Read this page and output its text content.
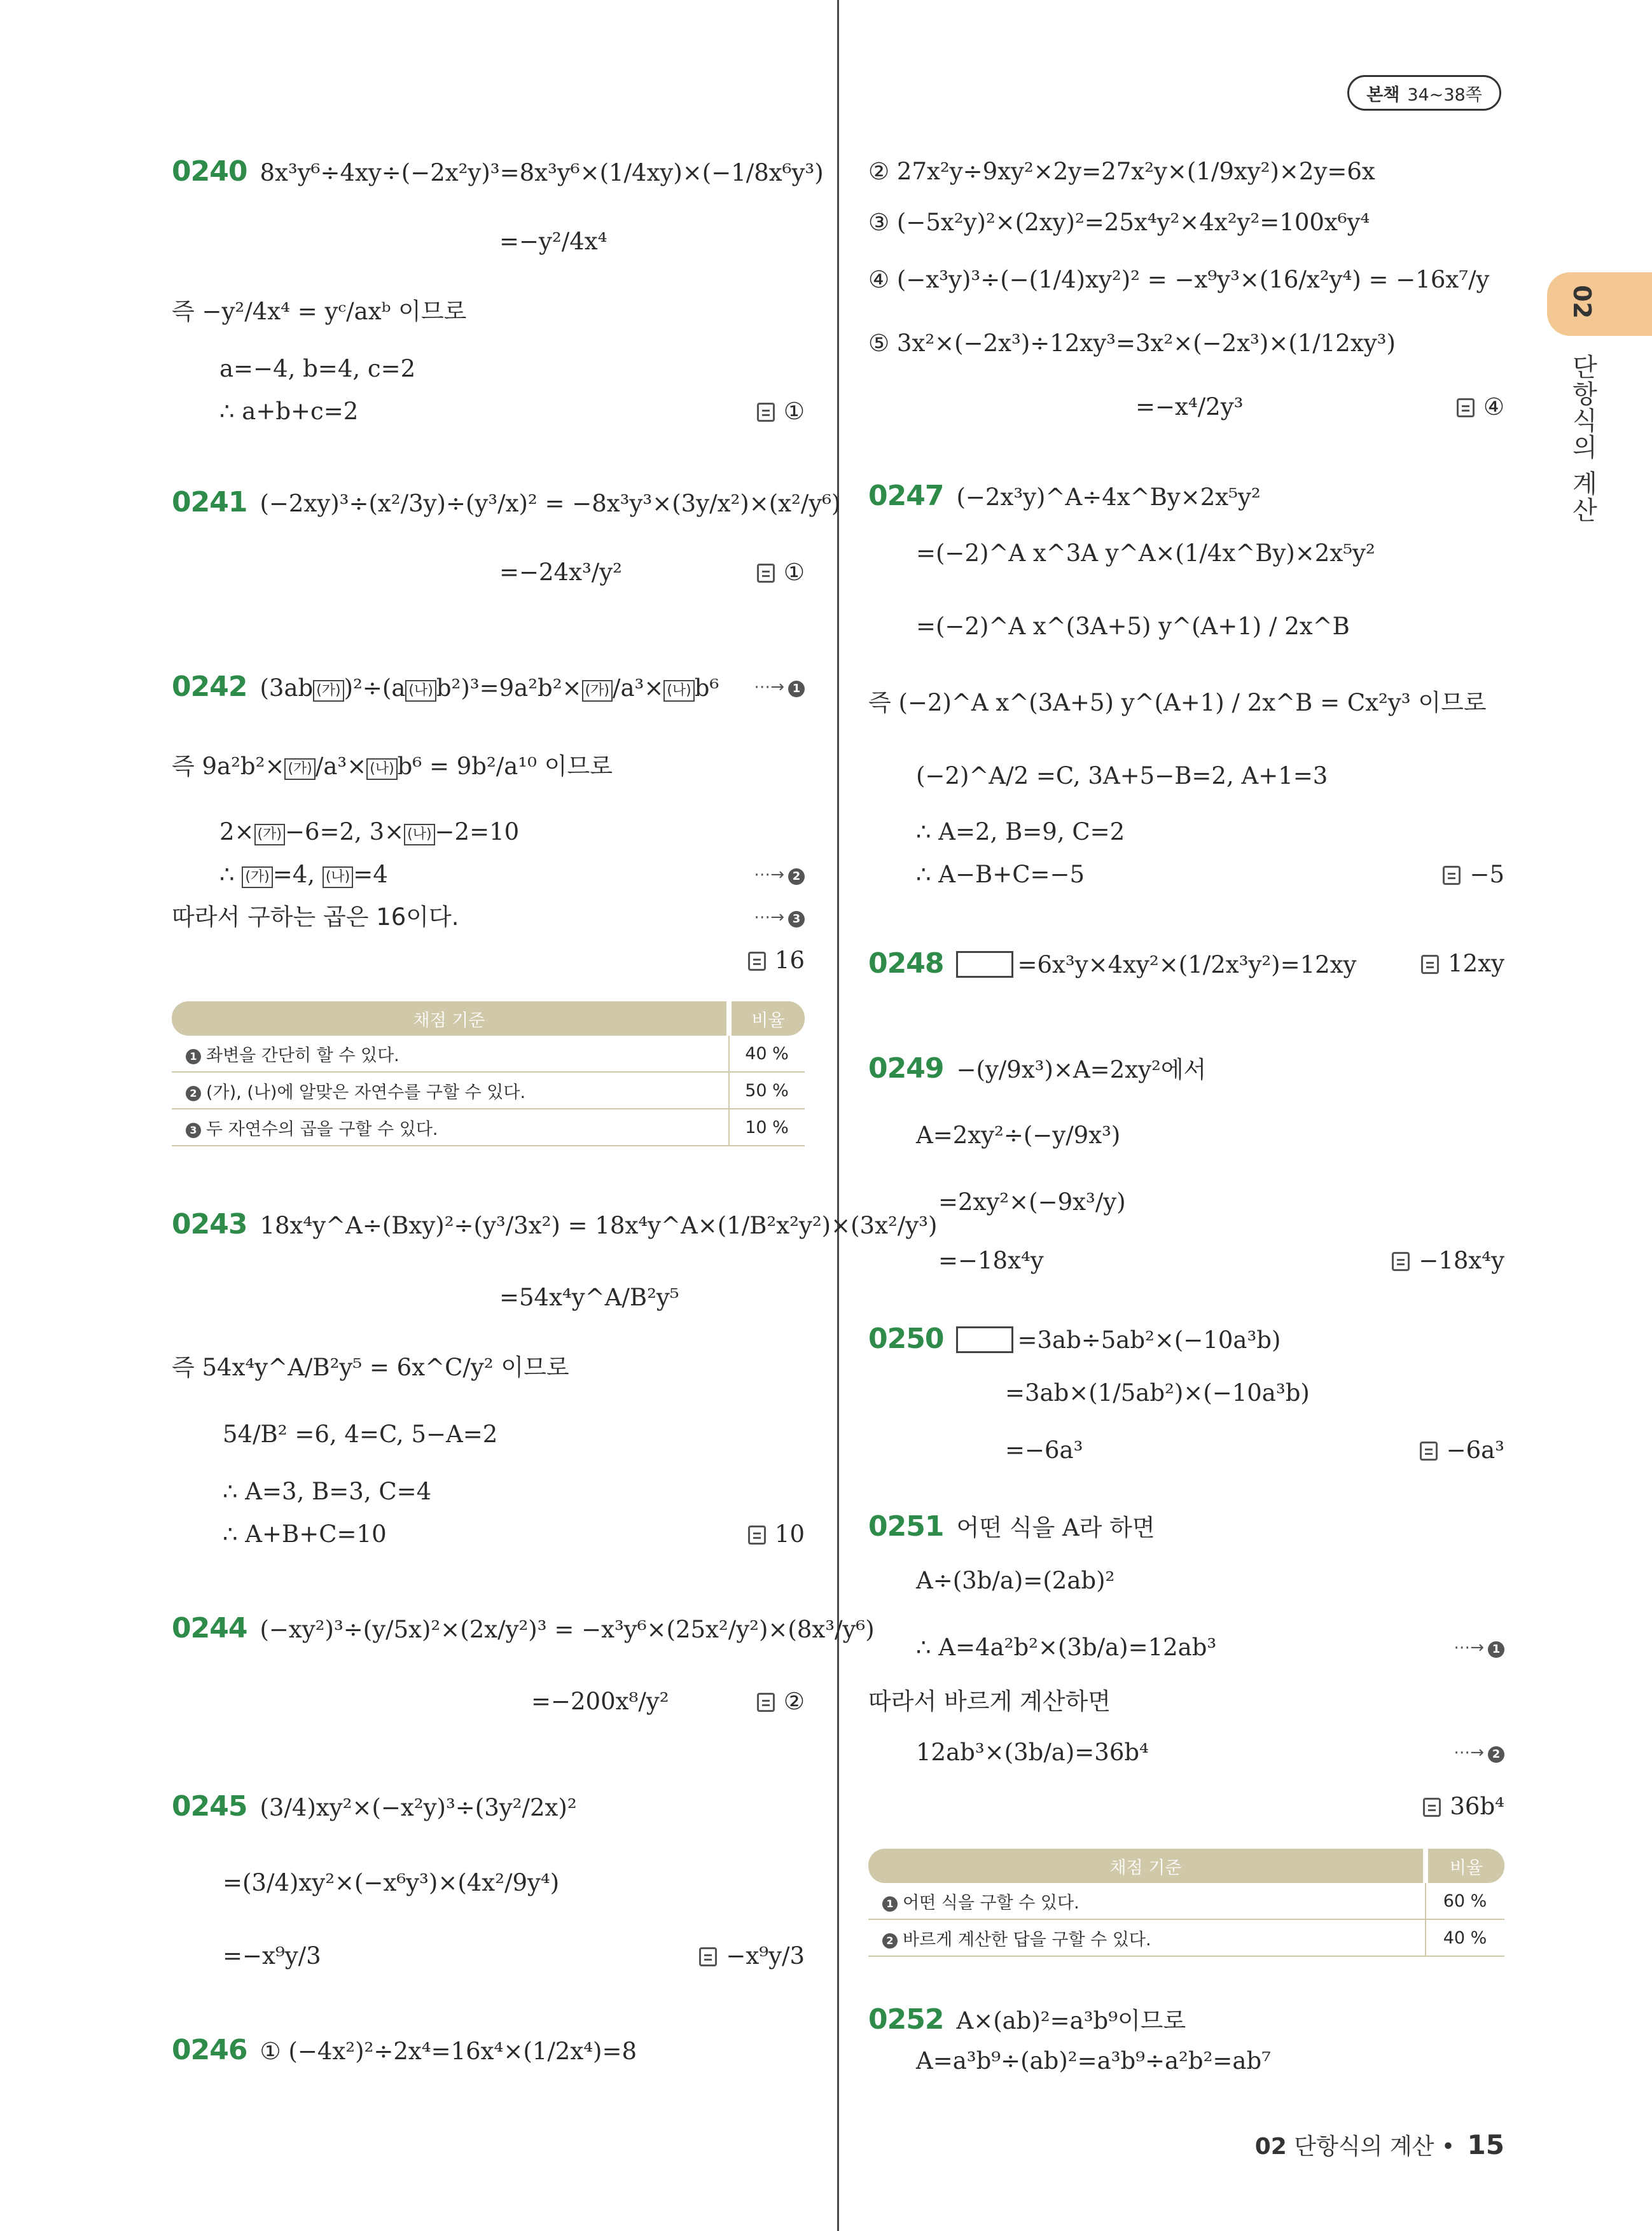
본책 34~38쪽
02
단항식의 계산
0240 8x³y⁶÷4xy÷(−2x²y)³=8x³y⁶×(1/4xy)×(−1/8x⁶y³)
=−y²/4x⁴
즉 −y²/4x⁴ = yᶜ/axᵇ 이므로
a=−4, b=4, c=2
∴ a+b+c=2	①
0241 (−2xy)³÷(x²/3y)÷(y³/x)² = −8x³y³×(3y/x²)×(x²/y⁶)
=−24x³/y²	①
0242 (3ab (가) )²÷(a (나) b²)³=9a²b²× (가) /a³× (나) b⁶ ⋯→ 1
즉 9a²b²× (가) /a³× (나) b⁶ = 9b²/a¹⁰ 이므로
2× (가) −6=2, 3× (나) −2=10
∴ (가) =4, (나) =4	⋯→ 2
따라서 구하는 곱은 16이다.	⋯→ 3
16
채점 기준	비율
1 좌변을 간단히 할 수 있다.	40 %
2 (가), (나)에 알맞은 자연수를 구할 수 있다.	50 %
3 두 자연수의 곱을 구할 수 있다.	10 %
0243 18x⁴y^A÷(Bxy)²÷(y³/3x²) = 18x⁴y^A×(1/B²x²y²)×(3x²/y³)
=54x⁴y^A/B²y⁵
즉 54x⁴y^A/B²y⁵ = 6x^C/y² 이므로
54/B² =6, 4=C, 5−A=2
∴ A=3, B=3, C=4
∴ A+B+C=10	10
0244 (−xy²)³÷(y/5x)²×(2x/y²)³ = −x³y⁶×(25x²/y²)×(8x³/y⁶)
=−200x⁸/y²	②
0245 (3/4)xy²×(−x²y)³÷(3y²/2x)²
=(3/4)xy²×(−x⁶y³)×(4x²/9y⁴)
=−x⁹y/3	−x⁹y/3
0246 ① (−4x²)²÷2x⁴=16x⁴×(1/2x⁴)=8
② 27x²y÷9xy²×2y=27x²y×(1/9xy²)×2y=6x
③ (−5x²y)²×(2xy)²=25x⁴y²×4x²y²=100x⁶y⁴
④ (−x³y)³÷(−(1/4)xy²)² = −x⁹y³×(16/x²y⁴) = −16x⁷/y
⑤ 3x²×(−2x³)÷12xy³=3x²×(−2x³)×(1/12xy³)
=−x⁴/2y³	④
0247 (−2x³y)^A÷4x^By×2x⁵y²
=(−2)^A x^3A y^A×(1/4x^By)×2x⁵y²
=(−2)^A x^(3A+5) y^(A+1) / 2x^B
즉 (−2)^A x^(3A+5) y^(A+1) / 2x^B = Cx²y³ 이므로
(−2)^A/2 =C, 3A+5−B=2, A+1=3
∴ A=2, B=9, C=2
∴ A−B+C=−5	−5
0248	=6x³y×4xy²×(1/2x³y²)=12xy	12xy
0249 −(y/9x³)×A=2xy²에서
A=2xy²÷(−y/9x³)
=2xy²×(−9x³/y)
=−18x⁴y	−18x⁴y
0250	=3ab÷5ab²×(−10a³b)
=3ab×(1/5ab²)×(−10a³b)
=−6a³	−6a³
0251 어떤 식을 A라 하면
A÷(3b/a)=(2ab)²
∴ A=4a²b²×(3b/a)=12ab³	⋯→ 1
따라서 바르게 계산하면
12ab³×(3b/a)=36b⁴	⋯→ 2
36b⁴
채점 기준	비율
1 어떤 식을 구할 수 있다.	60 %
2 바르게 계산한 답을 구할 수 있다.	40 %
0252 A×(ab)²=a³b⁹이므로
A=a³b⁹÷(ab)²=a³b⁹÷a²b²=ab⁷
02 단항식의 계산 • 15
